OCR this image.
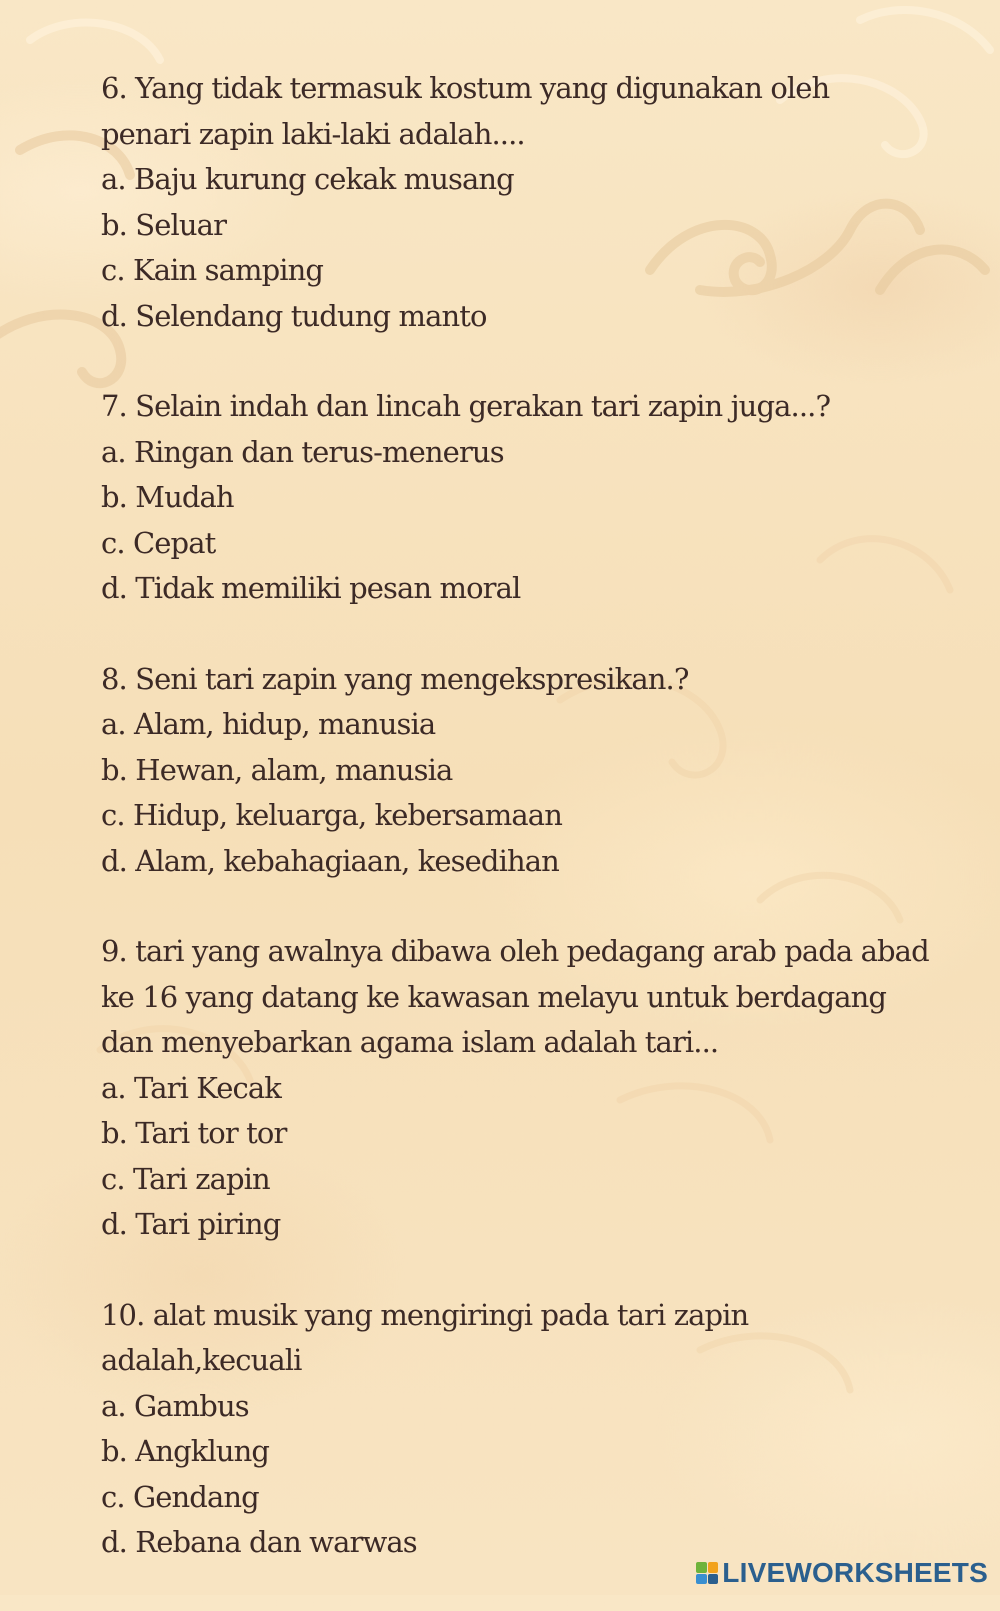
6. Yang tidak termasuk kostum yang digunakan oleh

penari zapin laki-laki adalah....

a. Baju kurung cekak musang

b. Seluar

c. Kain samping

d. Selendang tudung manto

7. Selain indah dan lincah gerakan tari zapin juga...?

a. Ringan dan terus-menerus

b. Mudah

c. Cepat

d. Tidak memiliki pesan moral

8. Seni tari zapin yang mengekspresikan.?

a. Alam, hidup, manusia

b. Hewan, alam, manusia

c. Hidup, keluarga, kebersamaan

d. Alam, kebahagiaan, kesedihan

9. tari yang awalnya dibawa oleh pedagang arab pada abad

ke 16 yang datang ke kawasan melayu untuk berdagang

dan menyebarkan agama islam adalah tari...

a. Tari Kecak

b. Tari tor tor

c. Tari zapin

d. Tari piring

10. alat musik yang mengiringi pada tari zapin

adalah,kecuali

a. Gambus

b. Angklung

c. Gendang

d. Rebana dan warwas

LIVEWORKSHEETS
